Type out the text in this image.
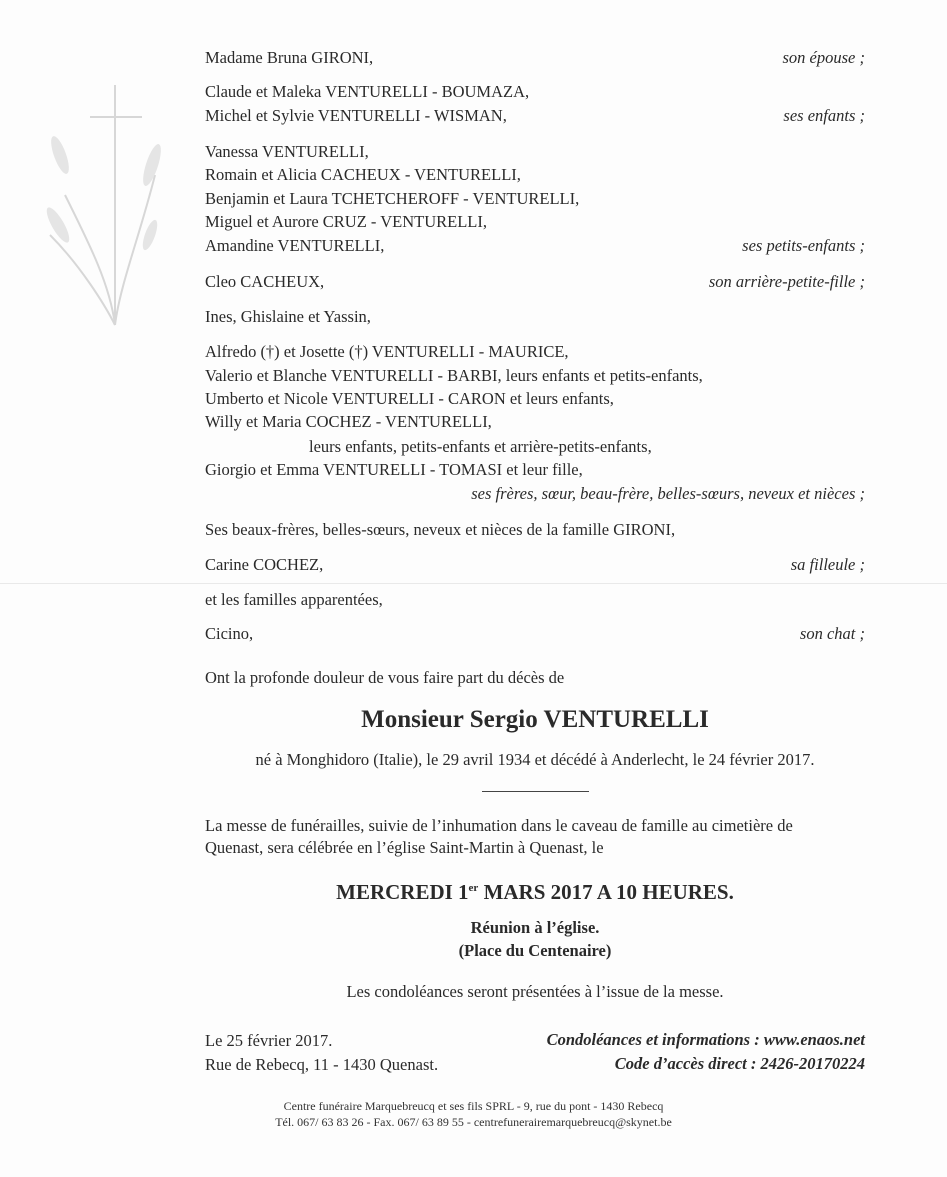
Madame Bruna GIRONI,	son épouse ;
Claude et Maleka VENTURELLI - BOUMAZA,
Michel et Sylvie VENTURELLI - WISMAN,	ses enfants ;
Vanessa VENTURELLI,
Romain et Alicia CACHEUX - VENTURELLI,
Benjamin et Laura TCHETCHEROFF - VENTURELLI,
Miguel et Aurore CRUZ - VENTURELLI,
Amandine VENTURELLI,	ses petits-enfants ;
Cleo CACHEUX,	son arrière-petite-fille ;
Ines, Ghislaine et Yassin,
Alfredo (†) et Josette (†) VENTURELLI - MAURICE,
Valerio et Blanche VENTURELLI - BARBI, leurs enfants et petits-enfants,
Umberto et Nicole VENTURELLI - CARON et leurs enfants,
Willy et Maria COCHEZ - VENTURELLI,
leurs enfants, petits-enfants et arrière-petits-enfants,
Giorgio et Emma VENTURELLI - TOMASI et leur fille,
ses frères, sœur, beau-frère, belles-sœurs, neveux et nièces ;
Ses beaux-frères, belles-sœurs, neveux et nièces de la famille GIRONI,
Carine COCHEZ,	sa filleule ;
et les familles apparentées,
Cicino,	son chat ;
Ont la profonde douleur de vous faire part du décès de
Monsieur Sergio VENTURELLI
né à Monghidoro (Italie), le 29 avril 1934 et décédé à Anderlecht, le 24 février 2017.
La messe de funérailles, suivie de l’inhumation dans le caveau de famille au cimetière de
Quenast, sera célébrée en l’église Saint-Martin à Quenast, le
MERCREDI 1er MARS 2017 A 10 HEURES.
Réunion à l’église.
(Place du Centenaire)
Les condoléances seront présentées à l’issue de la messe.
Le 25 février 2017.
Rue de Rebecq, 11 - 1430 Quenast.
Condoléances et informations : www.enaos.net
Code d’accès direct : 2426-20170224
Centre funéraire Marquebreucq et ses fils SPRL - 9, rue du pont - 1430 Rebecq
Tél. 067/ 63 83 26 - Fax. 067/ 63 89 55 - centrefunerairemarquebreucq@skynet.be
